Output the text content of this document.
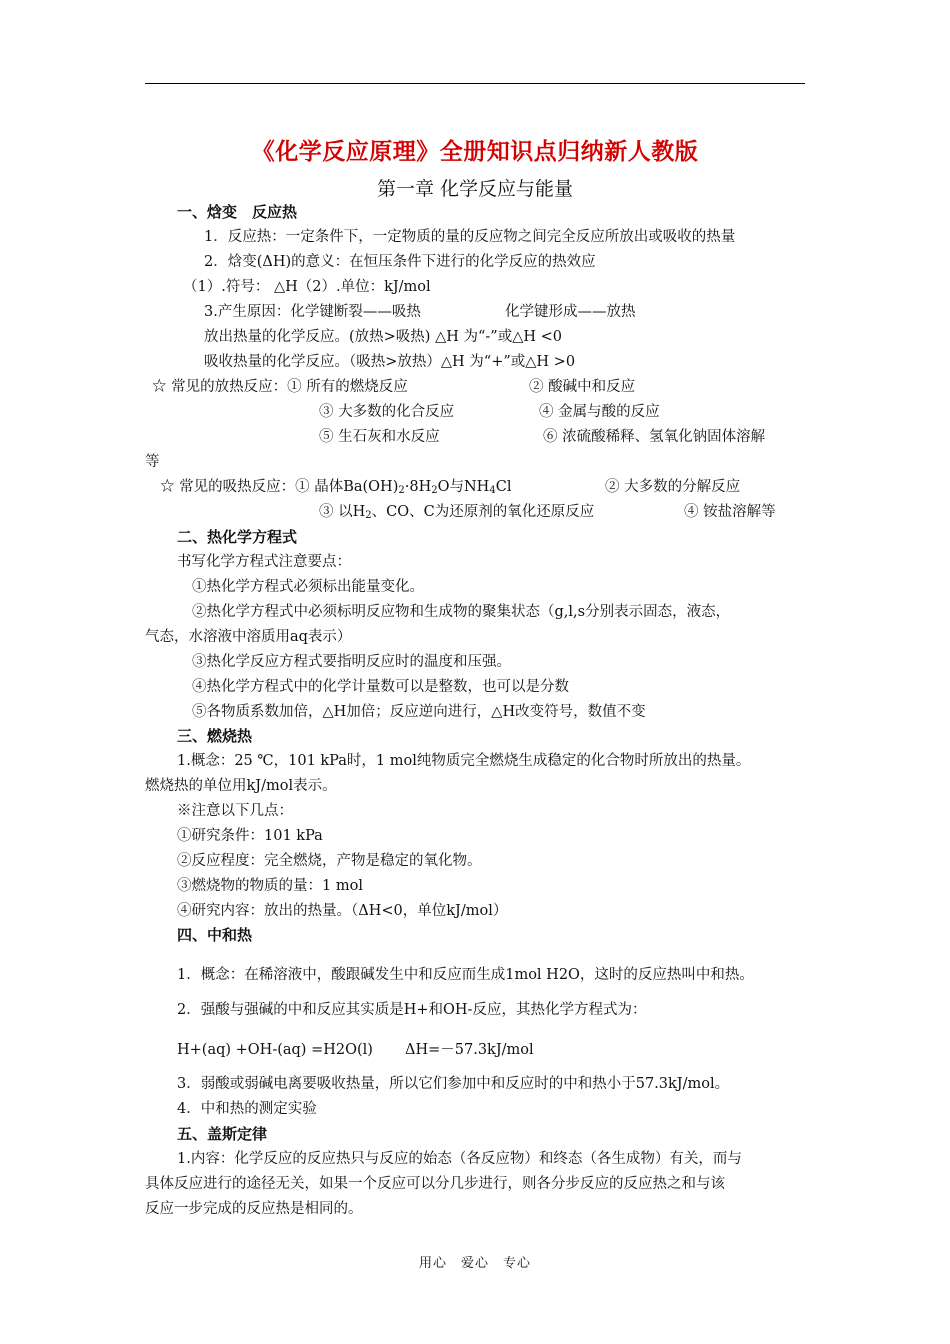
《化学反应原理》全册知识点归纳新人教版
第一章 化学反应与能量
一、焓变　反应热
1．反应热：一定条件下，一定物质的量的反应物之间完全反应所放出或吸收的热量
2．焓变(ΔH)的意义：在恒压条件下进行的化学反应的热效应
（1）.符号： △H（2）.单位：kJ/mol
3.产生原因：化学键断裂——吸热	化学键形成——放热
放出热量的化学反应。(放热>吸热) △H 为“-”或△H <0
吸收热量的化学反应。（吸热>放热）△H 为“+”或△H >0
☆ 常见的放热反应：① 所有的燃烧反应	② 酸碱中和反应
③ 大多数的化合反应	④ 金属与酸的反应
⑤ 生石灰和水反应	⑥ 浓硫酸稀释、氢氧化钠固体溶解
等
☆ 常见的吸热反应：① 晶体$Ba(OH)_2\cdot 8H_2O$与$NH_4Cl$	② 大多数的分解反应
③ 以$H_2$、CO、C为还原剂的氧化还原反应	④ 铵盐溶解等
二、热化学方程式
书写化学方程式注意要点：
①热化学方程式必须标出能量变化。
②热化学方程式中必须标明反应物和生成物的聚集状态（g,l,s分别表示固态，液态，
气态，水溶液中溶质用aq表示）
③热化学反应方程式要指明反应时的温度和压强。
④热化学方程式中的化学计量数可以是整数，也可以是分数
⑤各物质系数加倍，△H加倍；反应逆向进行，△H改变符号，数值不变
三、燃烧热
1.概念：25 ℃，101 kPa时，1 mol纯物质完全燃烧生成稳定的化合物时所放出的热量。
燃烧热的单位用kJ/mol表示。
※注意以下几点：
①研究条件：101 kPa
②反应程度：完全燃烧，产物是稳定的氧化物。
③燃烧物的物质的量：1 mol
④研究内容：放出的热量。（ΔH<0，单位kJ/mol）
四、中和热
1．概念：在稀溶液中，酸跟碱发生中和反应而生成1mol H2O，这时的反应热叫中和热。
2．强酸与强碱的中和反应其实质是H+和OH-反应，其热化学方程式为：
H+(aq) +OH-(aq) =H2O(l) ΔH=－57.3kJ/mol
3．弱酸或弱碱电离要吸收热量，所以它们参加中和反应时的中和热小于57.3kJ/mol。
4．中和热的测定实验
五、盖斯定律
1.内容：化学反应的反应热只与反应的始态（各反应物）和终态（各生成物）有关，而与
具体反应进行的途径无关，如果一个反应可以分几步进行，则各分步反应的反应热之和与该
反应一步完成的反应热是相同的。
用心　爱心　专心
